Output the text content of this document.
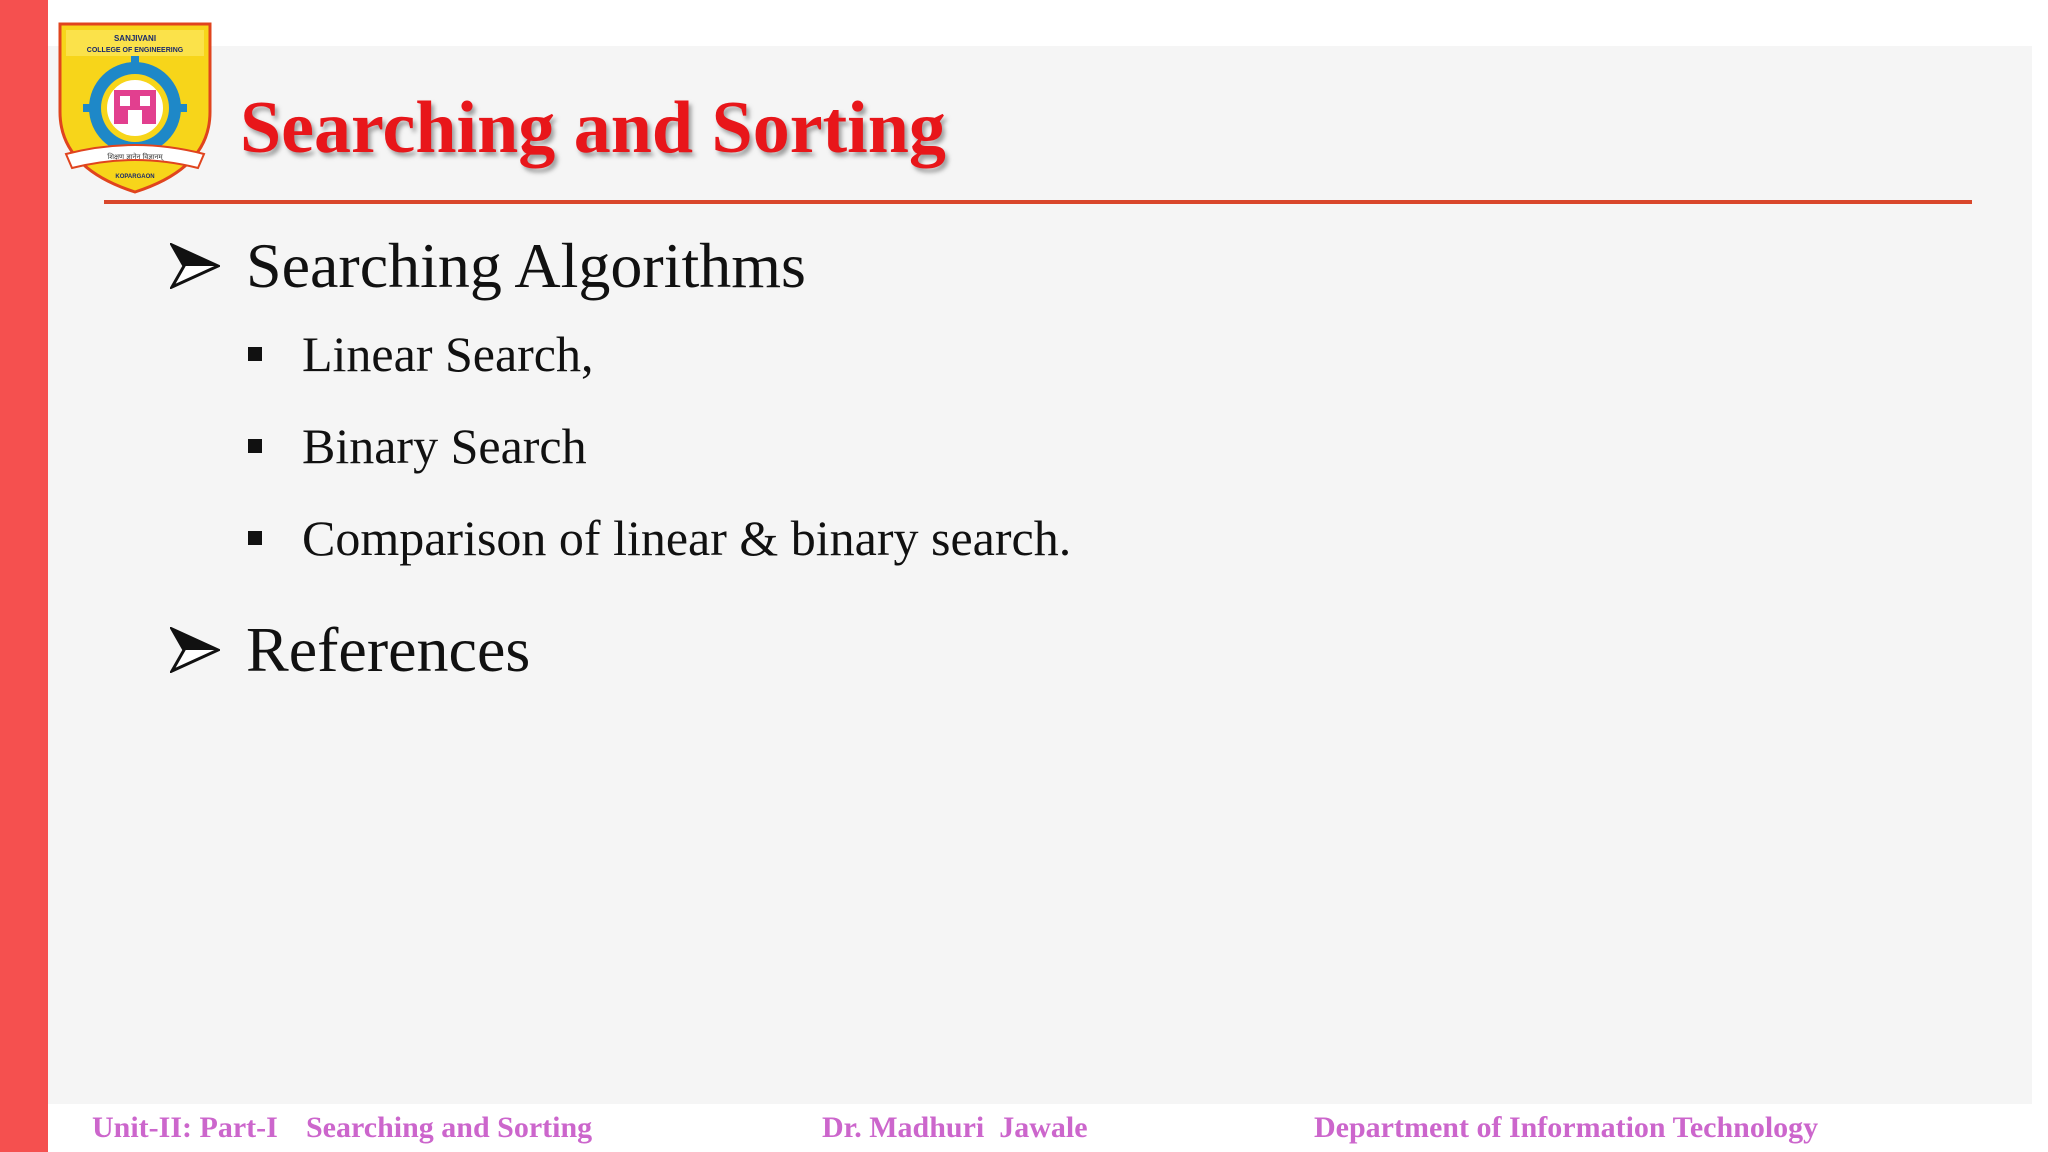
SANJIVANI
COLLEGE OF ENGINEERING
शिक्षण ज्ञानेन विज्ञानम्
KOPARGAON
Searching and Sorting
Searching Algorithms
Linear Search,
Binary Search
Comparison of linear & binary search.
References
Unit-II: Part-I Searching and Sorting	Dr. Madhuri  Jawale	Department of Information Technology
